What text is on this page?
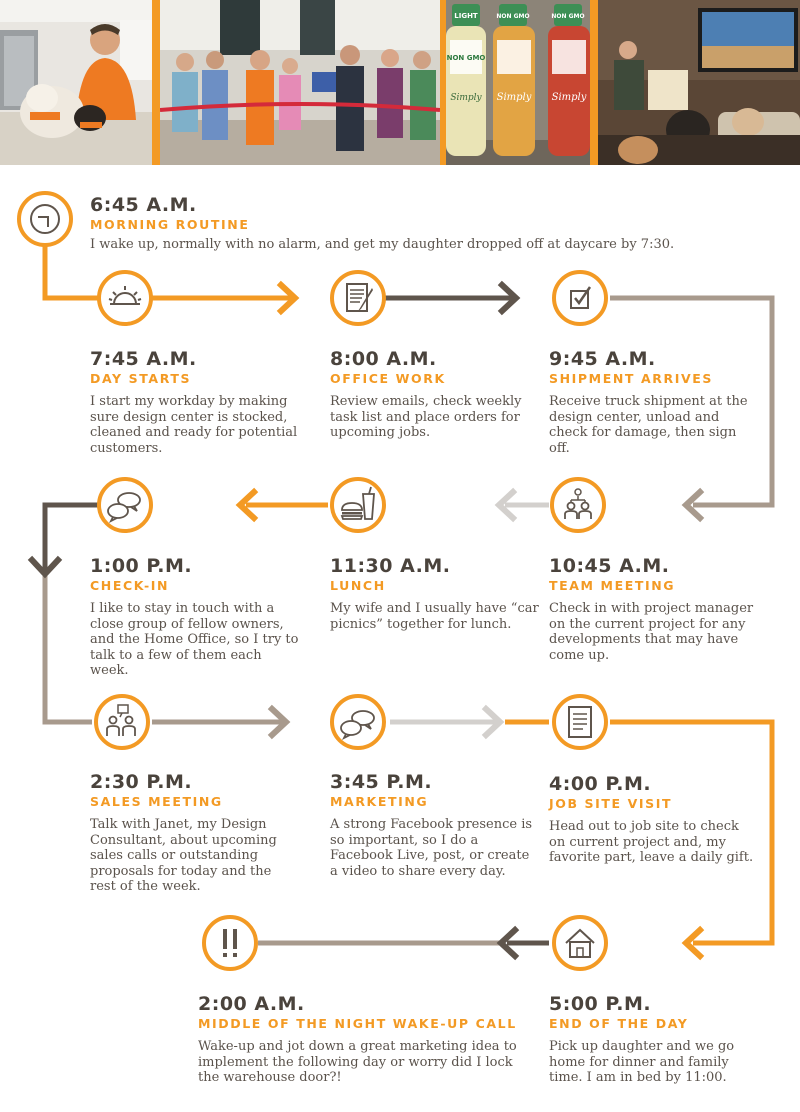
LIGHT
NON GMO
NON GMO	NON GMO
Simply Simply
Simply
6:45 A.M.
MORNING ROUTINE
I wake up, normally with no alarm, and get my daughter dropped off at daycare by 7:30.
7:45 A.M.
DAY STARTS
I start my workday by making sure design center is stocked, cleaned and ready for potential customers.
8:00 A.M.
OFFICE WORK
Review emails, check weekly task list and place orders for upcoming jobs.
9:45 A.M.
SHIPMENT ARRIVES
Receive truck shipment at the design center, unload and check for damage, then sign off.
1:00 P.M.
CHECK-IN
I like to stay in touch with a close group of fellow owners, and the Home Office, so I try to talk to a few of them each week.
11:30 A.M.
LUNCH
My wife and I usually have “car picnics” together for lunch.
10:45 A.M.
TEAM MEETING
Check in with project manager on the current project for any developments that may have come up.
2:30 P.M.
SALES MEETING
Talk with Janet, my Design Consultant, about upcoming sales calls or outstanding proposals for today and the rest of the week.
3:45 P.M.
MARKETING
A strong Facebook presence is so important, so I do a Facebook Live, post, or create a video to share every day.
4:00 P.M.
JOB SITE VISIT
Head out to job site to check on current project and, my favorite part, leave a daily gift.
2:00 A.M.
MIDDLE OF THE NIGHT WAKE-UP CALL
Wake-up and jot down a great marketing idea to implement the following day or worry did I lock the warehouse door?!
5:00 P.M.
END OF THE DAY
Pick up daughter and we go home for dinner and family time. I am in bed by 11:00.
